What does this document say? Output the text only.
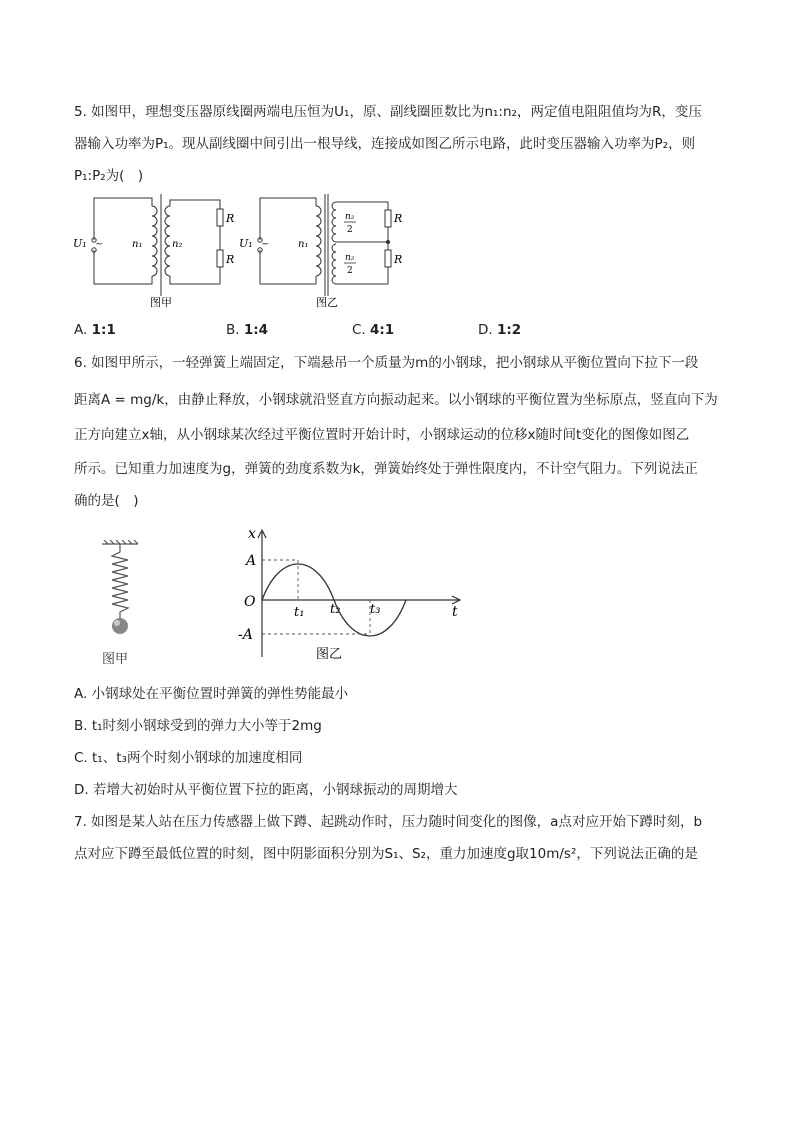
5. 如图甲，理想变压器原线圈两端电压恒为U₁，原、副线圈匝数比为n₁:n₂，两定值电阻阻值均为R，变压
器输入功率为P₁。现从副线圈中间引出一根导线，连接成如图乙所示电路，此时变压器输入功率为P₂，则
P₁:P₂为(　)
U₁ ~	n₁	n₂
R
R
图甲
U₁ ~	n₁
n₂
2
n₂
2
R
R
图乙
A. 1:1	B. 1:4	C. 4:1	D. 1:2
6. 如图甲所示，一轻弹簧上端固定，下端悬吊一个质量为m的小钢球，把小钢球从平衡位置向下拉下一段
距离A = mg/k，由静止释放，小钢球就沿竖直方向振动起来。以小钢球的平衡位置为坐标原点，竖直向下为
正方向建立x轴，从小钢球某次经过平衡位置时开始计时，小钢球运动的位移x随时间t变化的图像如图乙
所示。已知重力加速度为g，弹簧的劲度系数为k，弹簧始终处于弹性限度内，不计空气阻力。下列说法正
确的是(　)
图甲
x
t
A
O
-A
t₁ t₂ t₃
图乙
A. 小钢球处在平衡位置时弹簧的弹性势能最小
B. t₁时刻小钢球受到的弹力大小等于2mg
C. t₁、t₃两个时刻小钢球的加速度相同
D. 若增大初始时从平衡位置下拉的距离，小钢球振动的周期增大
7. 如图是某人站在压力传感器上做下蹲、起跳动作时，压力随时间变化的图像，a点对应开始下蹲时刻，b
点对应下蹲至最低位置的时刻，图中阴影面积分别为S₁、S₂，重力加速度g取10m/s²，下列说法正确的是
